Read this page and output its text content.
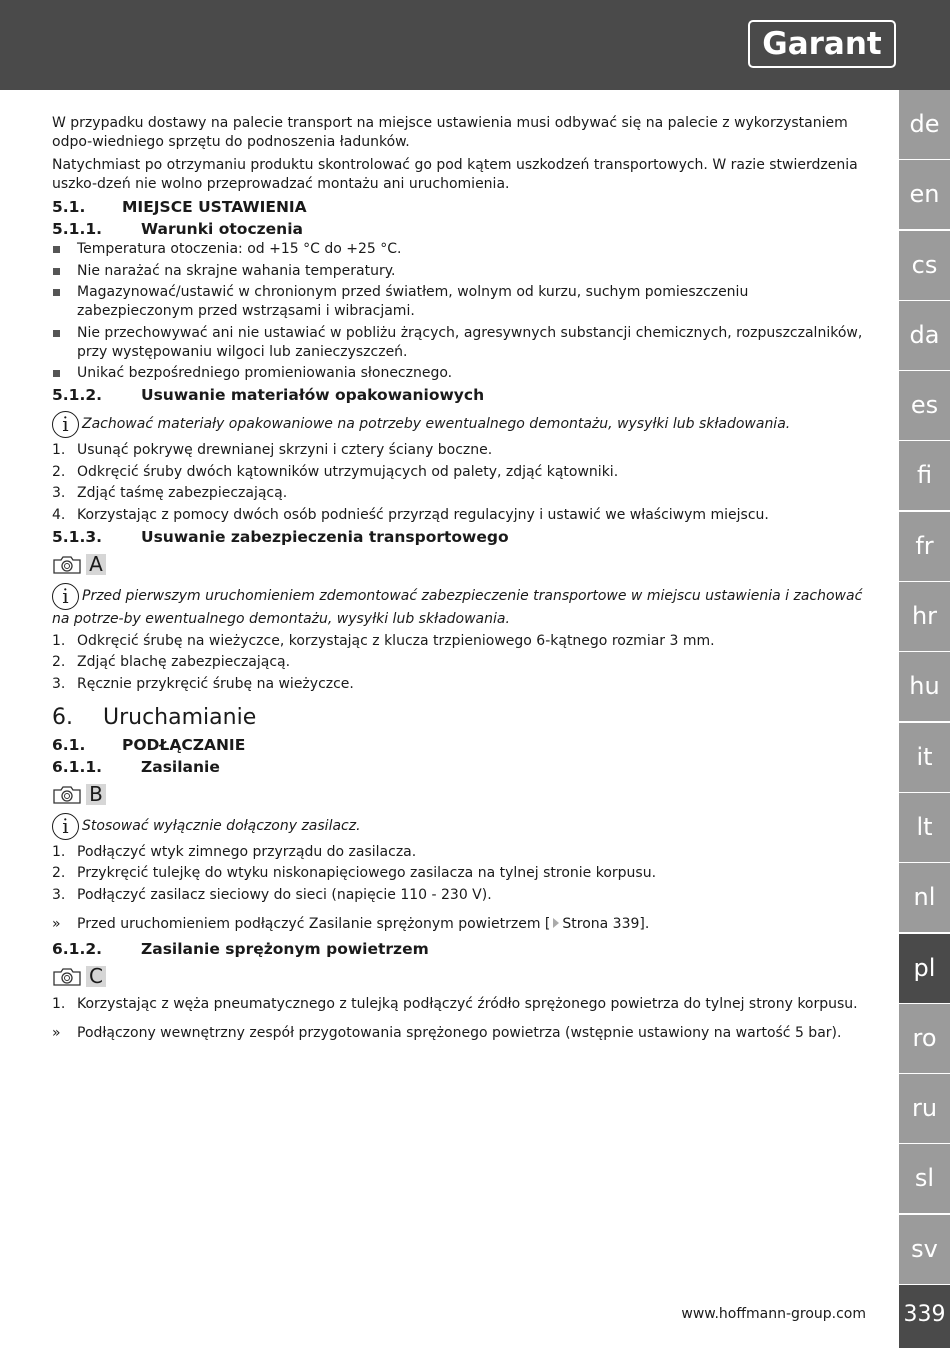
Garant
de
en
cs
da
es
fi
fr
hr
hu
it
lt
nl
pl
ro
ru
sl
sv
339
www.hoffmann-group.com

W przypadku dostawy na palecie transport na miejsce ustawienia musi odbywać się na palecie z wykorzystaniem odpo-wiedniego sprzętu do podnoszenia ładunków.

Natychmiast po otrzymaniu produktu skontrolować go pod kątem uszkodzeń transportowych. W razie stwierdzenia uszko-dzeń nie wolno przeprowadzać montażu ani uruchomienia.

5.1.	MIEJSCE USTAWIENIA
5.1.1.	Warunki otoczenia
Temperatura otoczenia: od +15 °C do +25 °C.
Nie narażać na skrajne wahania temperatury.
Magazynować/ustawić w chronionym przed światłem, wolnym od kurzu, suchym pomieszczeniu zabezpieczonym przed wstrząsami i wibracjami.
Nie przechowywać ani nie ustawiać w pobliżu żrących, agresywnych substancji chemicznych, rozpuszczalników, przy występowaniu wilgoci lub zanieczyszczeń.
Unikać bezpośredniego promieniowania słonecznego.
5.1.2.	Usuwanie materiałów opakowaniowych
i Zachować materiały opakowaniowe na potrzeby ewentualnego demontażu, wysyłki lub składowania.
1. Usunąć pokrywę drewnianej skrzyni i cztery ściany boczne.
2. Odkręcić śruby dwóch kątowników utrzymujących od palety, zdjąć kątowniki.
3. Zdjąć taśmę zabezpieczającą.
4. Korzystając z pomocy dwóch osób podnieść przyrząd regulacyjny i ustawić we właściwym miejscu.
5.1.3.	Usuwanie zabezpieczenia transportowego
A
i Przed pierwszym uruchomieniem zdemontować zabezpieczenie transportowe w miejscu ustawienia i zachować na potrze-by ewentualnego demontażu, wysyłki lub składowania.
1. Odkręcić śrubę na wieżyczce, korzystając z klucza trzpieniowego 6-kątnego rozmiar 3 mm.
2. Zdjąć blachę zabezpieczającą.
3. Ręcznie przykręcić śrubę na wieżyczce.
6.	Uruchamianie
6.1.	PODŁĄCZANIE
6.1.1.	Zasilanie
B
i Stosować wyłącznie dołączony zasilacz.
1. Podłączyć wtyk zimnego przyrządu do zasilacza.
2. Przykręcić tulejkę do wtyku niskonapięciowego zasilacza na tylnej stronie korpusu.
3. Podłączyć zasilacz sieciowy do sieci (napięcie 110 - 230 V).
»	Przed uruchomieniem podłączyć Zasilanie sprężonym powietrzem [ Strona 339].
6.1.2.	Zasilanie sprężonym powietrzem
C
1. Korzystając z węża pneumatycznego z tulejką podłączyć źródło sprężonego powietrza do tylnej strony korpusu.
»	Podłączony wewnętrzny zespół przygotowania sprężonego powietrza (wstępnie ustawiony na wartość 5 bar).
